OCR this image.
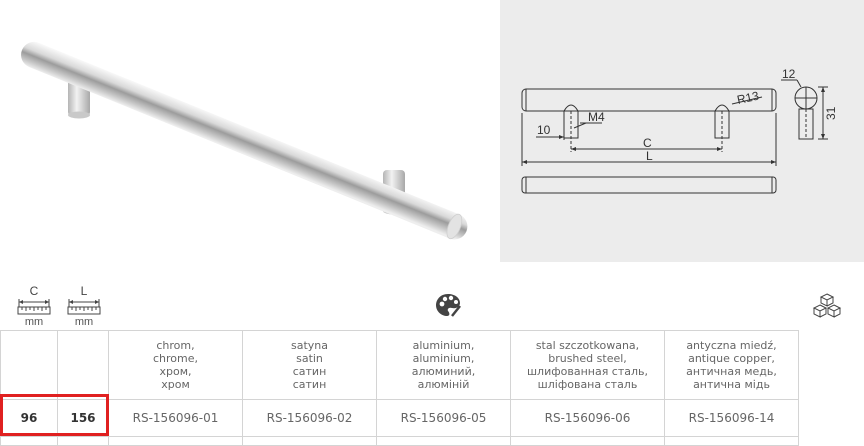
12
31
R13
M4
10
C
L
C
mm
L
mm

		chrom,
chrome,
хром,
хром	satyna
satin
сатин
сатин	aluminium,
aluminium,
алюминий,
алюміній	stal szczotkowana,
brushed steel,
шлифованная сталь,
шліфована сталь	antyczna miedź,
antique copper,
античная медь,
антична мідь

96	156	RS-156096-01	RS-156096-02	RS-156096-05	RS-156096-06	RS-156096-14
